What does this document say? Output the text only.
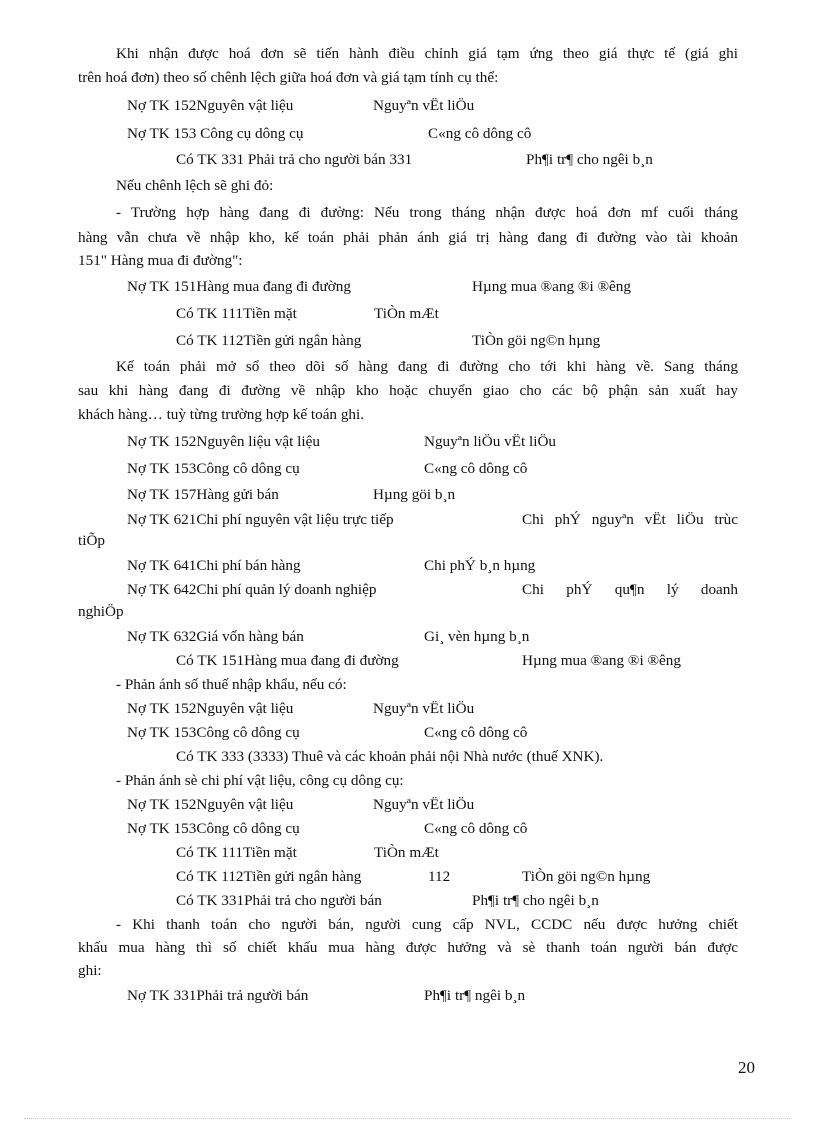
Khi nhận được hoá đơn sẽ tiến hành điều chỉnh giá tạm ứng theo giá thực tế (giá ghi
trên hoá đơn) theo số chênh lệch giữa hoá đơn và giá tạm tính cụ thể:
Nợ TK 152Nguyên vật liệu	Nguyªn vËt liÖu
Nợ TK 153 Công cụ dông cụ	C«ng cô dông cô
Có TK 331 Phải trả cho người bán 331	Ph¶i tr¶ cho ngêi b¸n
Nếu chênh lệch sẽ ghi đỏ:
- Trường hợp hàng đang đi đường: Nếu trong tháng nhận được hoá đơn mf cuối tháng
hàng vẫn chưa về nhập kho, kế toán phải phản ánh giá trị hàng đang đi đường vào tài khoản
151" Hàng mua đi đường":
Nợ TK 151Hàng mua đang đi đường	Hµng mua ®ang ®i ®êng
Có TK 111Tiền mặt	TiÒn mÆt
Có TK 112Tiền gửi ngân hàng	TiÒn göi ng©n hµng
Kế toán phải mở sổ theo dõi số hàng đang đi đường cho tới khi hàng về. Sang tháng
sau khi hàng đang đi đường về nhập kho hoặc chuyển giao cho các bộ phận sản xuất hay
khách hàng… tuỳ từng trường hợp kế toán ghi.
Nợ TK 152Nguyên liệu vật liệu	Nguyªn liÖu vËt liÖu
Nợ TK 153Công cô dông cụ	C«ng cô dông cô
Nợ TK 157Hàng gửi bán	Hµng göi b¸n
Nợ TK 621Chi phí nguyên vật liệu trực tiếp	Chi phÝ nguyªn vËt liÖu trùc
tiÕp
Nợ TK 641Chi phí bán hàng	Chi phÝ b¸n hµng
Nợ TK 642Chi phí quản lý doanh nghiệp	Chi phÝ qu¶n lý doanh
nghiÖp
Nợ TK 632Giá vốn hàng bán	Gi¸ vèn hµng b¸n
Có TK 151Hàng mua đang đi đường	Hµng mua ®ang ®i ®êng
- Phản ánh số thuế nhập khẩu, nếu có:
Nợ TK 152Nguyên vật liệu	Nguyªn vËt liÖu
Nợ TK 153Công cô dông cụ	C«ng cô dông cô
Có TK 333 (3333) Thuê và các khoản phải nội Nhà nước (thuế XNK).
- Phản ánh sè chi phí vật liệu, công cụ dông cụ:
Nợ TK 152Nguyên vật liệu	Nguyªn vËt liÖu
Nợ TK 153Công cô dông cụ	C«ng cô dông cô
Có TK 111Tiền mặt	TiÒn mÆt
Có TK 112Tiền gửi ngân hàng	112	TiÒn göi ng©n hµng
Có TK 331Phải trả cho người bán	Ph¶i tr¶ cho ngêi b¸n
- Khi thanh toán cho người bán, người cung cấp NVL, CCDC nếu được hưởng chiết
khấu mua hàng thì số chiết khấu mua hàng được hưởng và sè thanh toán người bán được
ghi:
Nợ TK 331Phải trả người bán	Ph¶i tr¶ ngêi b¸n
20
